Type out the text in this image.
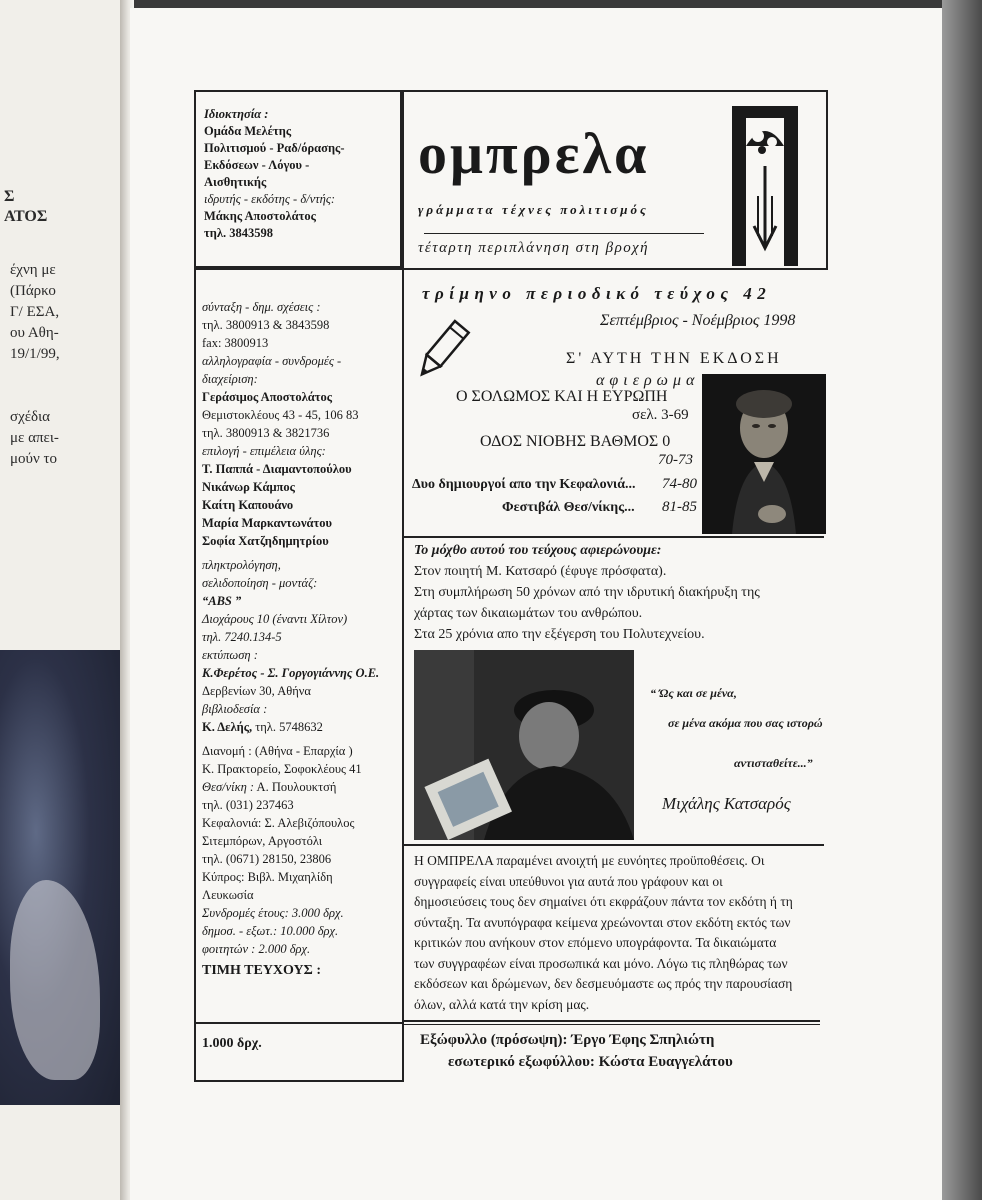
Σ
ΑΤΟΣ
έχνη με
(Πάρκο
Γ/ ΕΣΑ,
ου Αθη-
19/1/99,
σχέδια
με απει-
μούν το
Ιδιοκτησία :
Ομάδα Μελέτης
Πολιτισμού - Ραδ/όρασης-
Εκδόσεων - Λόγου -
Αισθητικής
ιδρυτής - εκδότης - δ/ντής:
Μάκης Αποστολάτος
τηλ. 3843598
ομπρελα
γράμματα τέχνες πολιτισμός
τέταρτη περιπλάνηση στη βροχή
σύνταξη - δημ. σχέσεις :
τηλ. 3800913 & 3843598
fax: 3800913
αλληλογραφία - συνδρομές -
διαχείριση:
Γεράσιμος Αποστολάτος
Θεμιστοκλέους 43 - 45, 106 83
τηλ. 3800913 & 3821736
επιλογή - επιμέλεια ύλης:
Τ. Παππά - Διαμαντοπούλου
Νικάνωρ Κάμπος
Καίτη Καπουάνο
Μαρία Μαρκαντωνάτου
Σοφία Χατζηδημητρίου
πληκτρολόγηση,
σελιδοποίηση - μοντάζ:
“ABS ”
Διοχάρους 10 (έναντι Χίλτον)
τηλ. 7240.134-5
εκτύπωση :
Κ.Φερέτος - Σ. Γοργογιάννης Ο.Ε.
Δερβενίων 30, Αθήνα
βιβλιοδεσία :
Κ. Δελής, τηλ. 5748632
Διανομή : (Αθήνα - Επαρχία )
Κ. Πρακτορείο, Σοφοκλέους 41
Θεσ/νίκη : Α. Πουλουκτσή
τηλ. (031) 237463
Κεφαλονιά: Σ. Αλεβιζόπουλος
Σιτεμπόρων, Αργοστόλι
τηλ. (0671) 28150, 23806
Κύπρος: Βιβλ. Μιχαηλίδη
Λευκωσία
Συνδρομές έτους: 3.000 δρχ.
δημοσ. - εξωτ.: 10.000 δρχ.
φοιτητών : 2.000 δρχ.
ΤΙΜΗ ΤΕΥΧΟΥΣ :
1.000 δρχ.
τρίμηνο περιοδικό τεύχος 42
Σεπτέμβριος - Νοέμβριος 1998
Σ' ΑΥΤΗ ΤΗΝ ΕΚΔΟΣΗ
αφιερωμα
Ο ΣΟΛΩΜΟΣ ΚΑΙ Η ΕΥΡΩΠΗ
σελ. 3-69
ΟΔΟΣ ΝΙΟΒΗΣ ΒΑΘΜΟΣ 0
70-73
Δυο δημιουργοί απο την Κεφαλονιά... 74-80
Φεστιβάλ Θεσ/νίκης... 81-85
Το μόχθο αυτού του τεύχους αφιερώνουμε:
Στον ποιητή Μ. Κατσαρό (έφυγε πρόσφατα).
Στη συμπλήρωση 50 χρόνων από την ιδρυτική διακήρυξη της
χάρτας των δικαιωμάτων του ανθρώπου.
Στα 25 χρόνια απο την εξέγερση του Πολυτεχνείου.
“ Ώς και σε μένα,
σε μένα ακόμα που σας ιστορώ
αντισταθείτε...”
Μιχάλης Κατσαρός
Η ΟΜΠΡΕΛΑ παραμένει ανοιχτή με ευνόητες προϋποθέσεις. Οι
συγγραφείς είναι υπεύθυνοι για αυτά που γράφουν και οι
δημοσιεύσεις τους δεν σημαίνει ότι εκφράζουν πάντα τον εκδότη ή τη
σύνταξη. Τα ανυπόγραφα κείμενα χρεώνονται στον εκδότη εκτός των
κριτικών που ανήκουν στον επόμενο υπογράφοντα. Τα δικαιώματα
των συγγραφέων είναι προσωπικά και μόνο. Λόγω τις πληθώρας των
εκδόσεων και δρώμενων, δεν δεσμευόμαστε ως πρός την παρουσίαση
όλων, αλλά κατά την κρίση μας.
Εξώφυλλο (πρόσωψη): Έργο Έφης Σπηλιώτη
εσωτερικό εξωφύλλου: Κώστα Ευαγγελάτου
